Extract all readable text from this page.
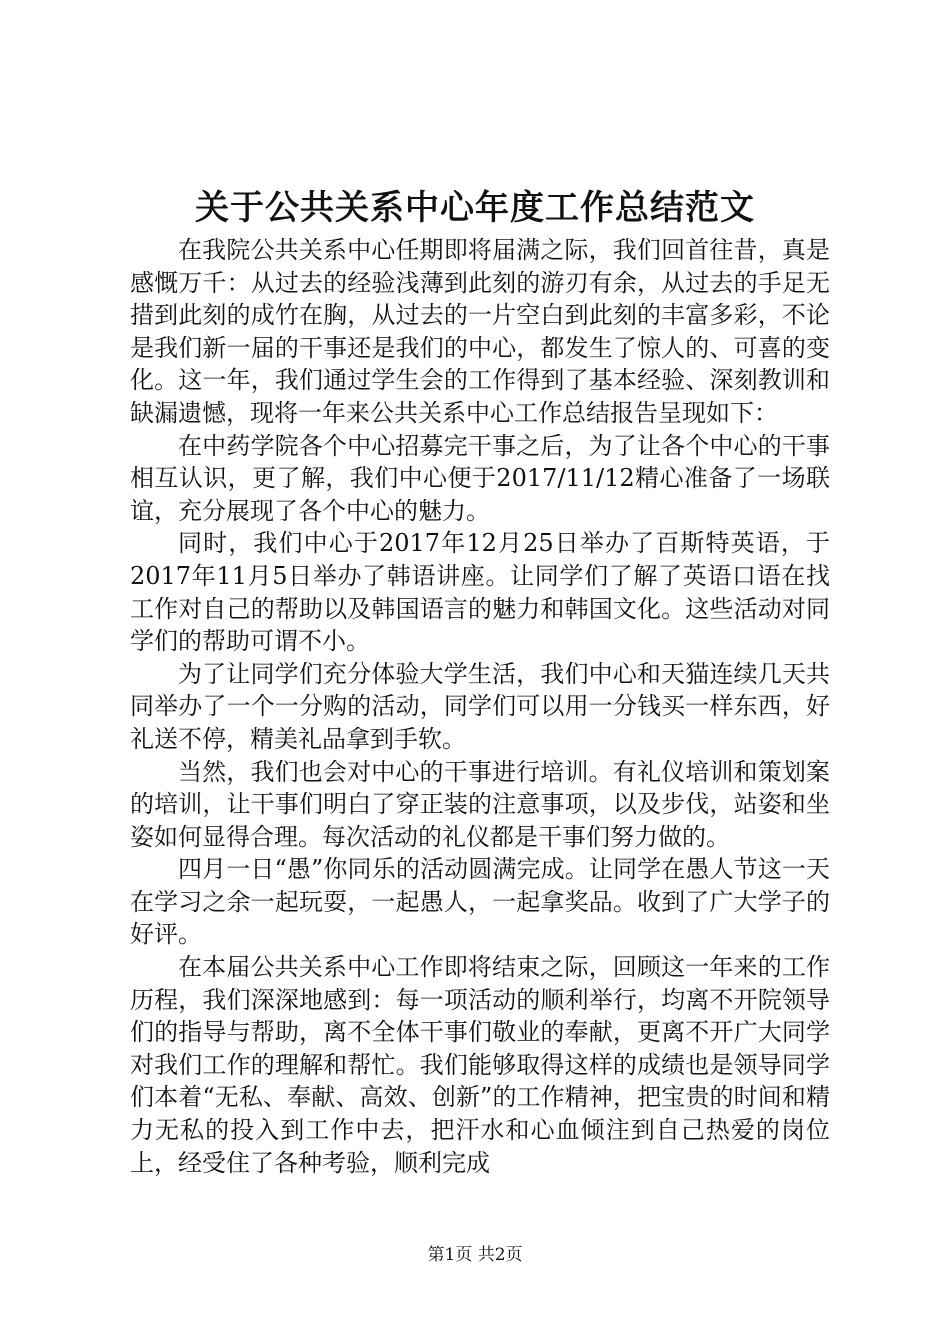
关于公共关系中心年度工作总结范文

在我院公共关系中心任期即将届满之际，我们回首往昔，真是感慨万千：从过去的经验浅薄到此刻的游刃有余，从过去的手足无措到此刻的成竹在胸，从过去的一片空白到此刻的丰富多彩，不论是我们新一届的干事还是我们的中心，都发生了惊人的、可喜的变化。这一年，我们通过学生会的工作得到了基本经验、深刻教训和缺漏遗憾，现将一年来公共关系中心工作总结报告呈现如下：

在中药学院各个中心招募完干事之后，为了让各个中心的干事相互认识，更了解，我们中心便于2017/11/12精心准备了一场联谊，充分展现了各个中心的魅力。

同时，我们中心于2017年12月25日举办了百斯特英语，于2017年11月5日举办了韩语讲座。让同学们了解了英语口语在找工作对自己的帮助以及韩国语言的魅力和韩国文化。这些活动对同学们的帮助可谓不小。

为了让同学们充分体验大学生活，我们中心和天猫连续几天共同举办了一个一分购的活动，同学们可以用一分钱买一样东西，好礼送不停，精美礼品拿到手软。

当然，我们也会对中心的干事进行培训。有礼仪培训和策划案的培训，让干事们明白了穿正装的注意事项，以及步伐，站姿和坐姿如何显得合理。每次活动的礼仪都是干事们努力做的。

四月一日“愚”你同乐的活动圆满完成。让同学在愚人节这一天在学习之余一起玩耍，一起愚人，一起拿奖品。收到了广大学子的好评。

在本届公共关系中心工作即将结束之际，回顾这一年来的工作历程，我们深深地感到：每一项活动的顺利举行，均离不开院领导们的指导与帮助，离不全体干事们敬业的奉献，更离不开广大同学对我们工作的理解和帮忙。我们能够取得这样的成绩也是领导同学们本着“无私、奉献、高效、创新”的工作精神，把宝贵的时间和精力无私的投入到工作中去，把汗水和心血倾注到自己热爱的岗位上，经受住了各种考验，顺利完成

第1页 共2页
